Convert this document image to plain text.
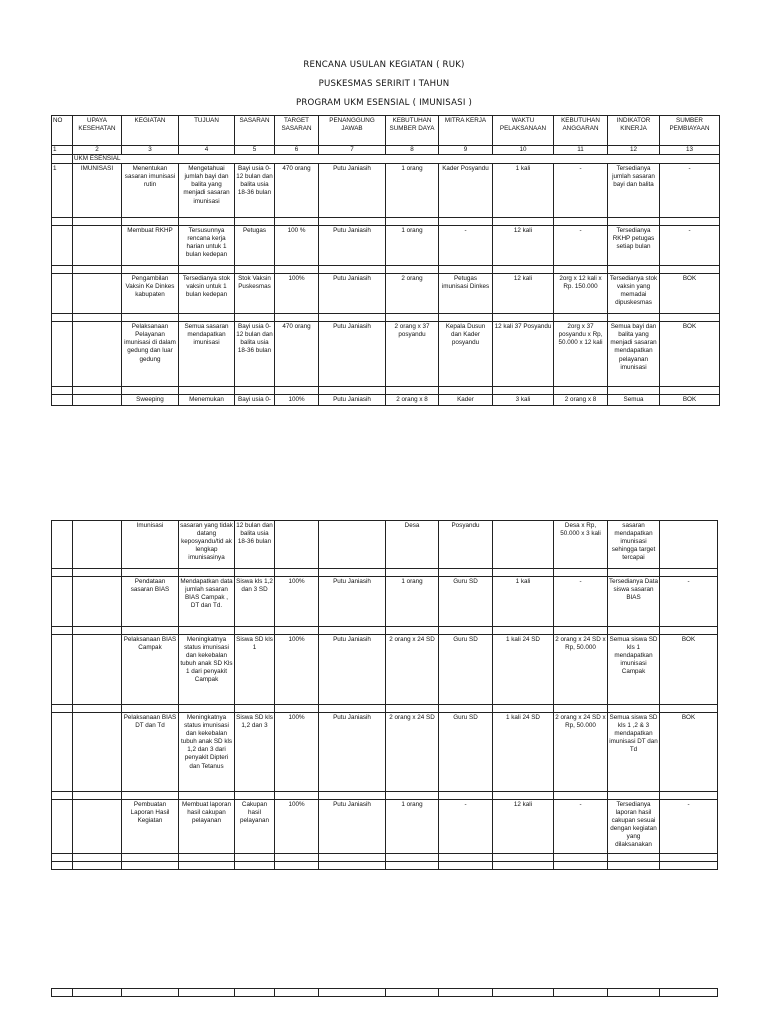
RENCANA USULAN KEGIATAN ( RUK)
PUSKESMAS SERIRIT I TAHUN
PROGRAM UKM ESENSIAL ( IMUNISASI )
NO	UPAYA KESEHATAN	KEGIATAN	TUJUAN	SASARAN	TARGET SASARAN	PENANGGUNG JAWAB	KEBUTUHAN SUMBER DAYA	MITRA KERJA	WAKTU PELAKSANAAN	KEBUTUHAN ANGGARAN	INDIKATOR KINERJA	SUMBER PEMBIAYAAN
1	2	3	4	5	6	7	8	9	10	11	12	13
	UKM ESENSIAL											
1	IMUNISASI	Menentukan sasaran imunisasi rutin	Mengetahuai jumlah bayi dan balita yang menjadi sasaran imunisasi	Bayi usia 0-12 bulan dan balita usia 18-36 bulan	470 orang	Putu Janiasih	1 orang	Kader Posyandu	1 kali	-	Tersedianya jumlah sasaran bayi dan balita	-

		Membuat RKHP	Tersusunnya rencana kerja harian untuk 1 bulan kedepan	Petugas	100 %	Putu Janiasih	1 orang	-	12 kali	-	Tersedianya RKHP petugas setiap bulan	-

		Pengambilan Vaksin Ke Dinkes kabupaten	Tersedianya stok vaksin untuk 1 bulan kedepan	Stok Vaksin Puskesmas	100%	Putu Janiasih	2 orang	Petugas imunisasi Dinkes	12 kali	2org x 12 kali x Rp. 150.000	Tersedianya stok vaksin yang memadai dipuskesmas	BOK

		Pelaksanaan Pelayanan imunisasi di dalam gedung dan luar gedung	Semua sasaran mendapatkan imunisasi	Bayi usia 0-12 bulan dan balita usia 18-36 bulan	470 orang	Putu Janiasih	2 orang x 37 posyandu	Kepala Dusun dan Kader posyandu	12 kali 37 Posyandu	2org x 37 posyandu x Rp, 50.000 x 12 kali	Semua bayi dan balita yang menjadi sasaran mendapatkan pelayanan imunisasi	BOK

		Sweeping	Menemukan	Bayi usia 0-	100%	Putu Janiasih	2 orang x 8	Kader	3 kali	2 orang x 8	Semua	BOK
		Imunisasi	sasaran yang tidak datang keposyandu/tid ak lengkap imunisasinya	12 bulan dan balita usia 18-36 bulan			Desa	Posyandu		Desa x Rp, 50.000 x 3 kali	sasaran mendapatkan imunisasi sehingga target tercapai	

		Pendataan sasaran BIAS	Mendapatkan data jumlah sasaran BIAS Campak , DT dan Td.	Siswa kls 1,2 dan 3 SD	100%	Putu Janiasih	1 orang	Guru SD	1 kali	-	Tersedianya Data siswa sasaran BIAS	-

		Pelaksanaan BIAS Campak	Meningkatnya status imunisasi dan kekebalan tubuh anak SD Kls 1 dari penyakit Campak	Siswa SD kls 1	100%	Putu Janiasih	2 orang x 24 SD	Guru SD	1 kali 24 SD	2 orang x 24 SD x Rp, 50.000	Semua siswa SD kls 1 mendapatkan imunisasi Campak	BOK

		Pelaksanaan BIAS DT dan Td	Meningkatnya status imunisasi dan kekebalan tubuh anak SD kls 1,2 dan 3 dari penyakit Dipteri dan Tetanus	Siswa SD kls 1,2 dan 3	100%	Putu Janiasih	2 orang x 24 SD	Guru SD	1 kali 24 SD	2 orang x 24 SD x Rp, 50.000	Semua siswa SD kls 1 ,2 & 3 mendapatkan imunisasi DT dan Td	BOK

		Pembuatan Laporan Hasil Kegiatan	Membuat laporan hasil cakupan pelayanan	Cakupan hasil pelayanan	100%	Putu Janiasih	1 orang	-	12 kali	-	Tersedianya laporan hasil cakupan sesuai dengan kegiatan yang dilaksanakan	-
